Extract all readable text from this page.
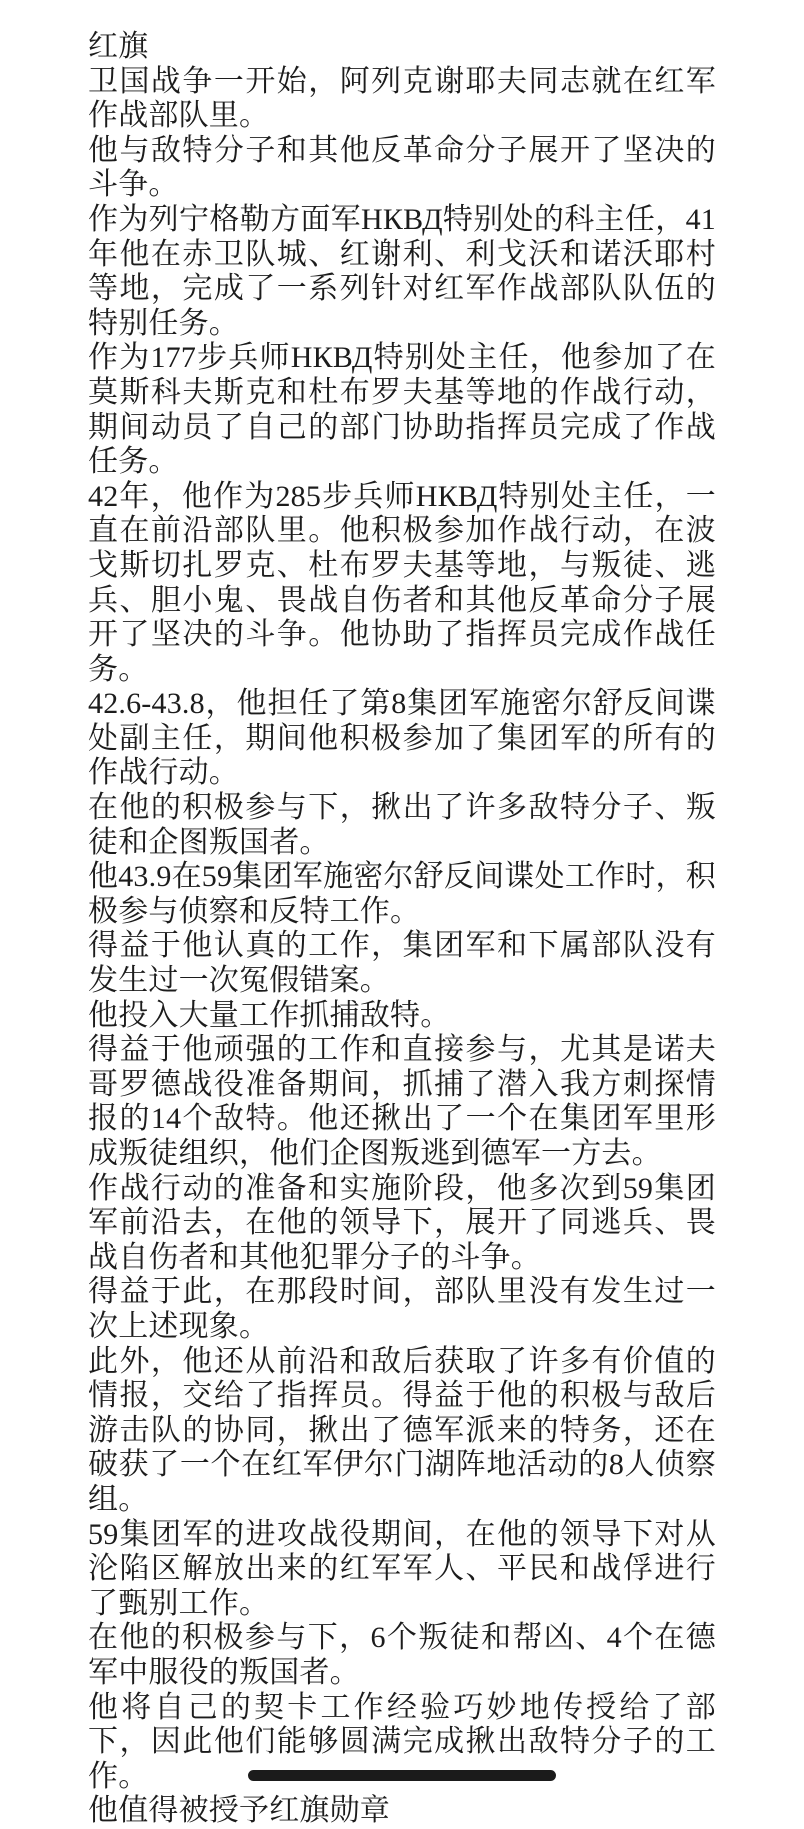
红旗

卫国战争一开始，阿列克谢耶夫同志就在红军作战部队里。

他与敌特分子和其他反革命分子展开了坚决的斗争。

作为列宁格勒方面军НКВД特别处的科主任，41年他在赤卫队城、红谢利、利戈沃和诺沃耶村等地，完成了一系列针对红军作战部队队伍的特别任务。

作为177步兵师НКВД特别处主任，他参加了在莫斯科夫斯克和杜布罗夫基等地的作战行动，期间动员了自己的部门协助指挥员完成了作战任务。

42年，他作为285步兵师НКВД特别处主任，一直在前沿部队里。他积极参加作战行动，在波戈斯切扎罗克、杜布罗夫基等地，与叛徒、逃兵、胆小鬼、畏战自伤者和其他反革命分子展开了坚决的斗争。他协助了指挥员完成作战任务。

42.6-43.8，他担任了第8集团军施密尔舒反间谍处副主任，期间他积极参加了集团军的所有的作战行动。

在他的积极参与下，揪出了许多敌特分子、叛徒和企图叛国者。

他43.9在59集团军施密尔舒反间谍处工作时，积极参与侦察和反特工作。

得益于他认真的工作，集团军和下属部队没有发生过一次冤假错案。

他投入大量工作抓捕敌特。

得益于他顽强的工作和直接参与，尤其是诺夫哥罗德战役准备期间，抓捕了潜入我方刺探情报的14个敌特。他还揪出了一个在集团军里形成叛徒组织，他们企图叛逃到德军一方去。

作战行动的准备和实施阶段，他多次到59集团军前沿去，在他的领导下，展开了同逃兵、畏战自伤者和其他犯罪分子的斗争。

得益于此，在那段时间，部队里没有发生过一次上述现象。

此外，他还从前沿和敌后获取了许多有价值的情报，交给了指挥员。得益于他的积极与敌后游击队的协同，揪出了德军派来的特务，还在破获了一个在红军伊尔门湖阵地活动的8人侦察组。

59集团军的进攻战役期间，在他的领导下对从沦陷区解放出来的红军军人、平民和战俘进行了甄别工作。

在他的积极参与下，6个叛徒和帮凶、4个在德军中服役的叛国者。

他将自己的契卡工作经验巧妙地传授给了部下，因此他们能够圆满完成揪出敌特分子的工作。

他值得被授予红旗勋章
